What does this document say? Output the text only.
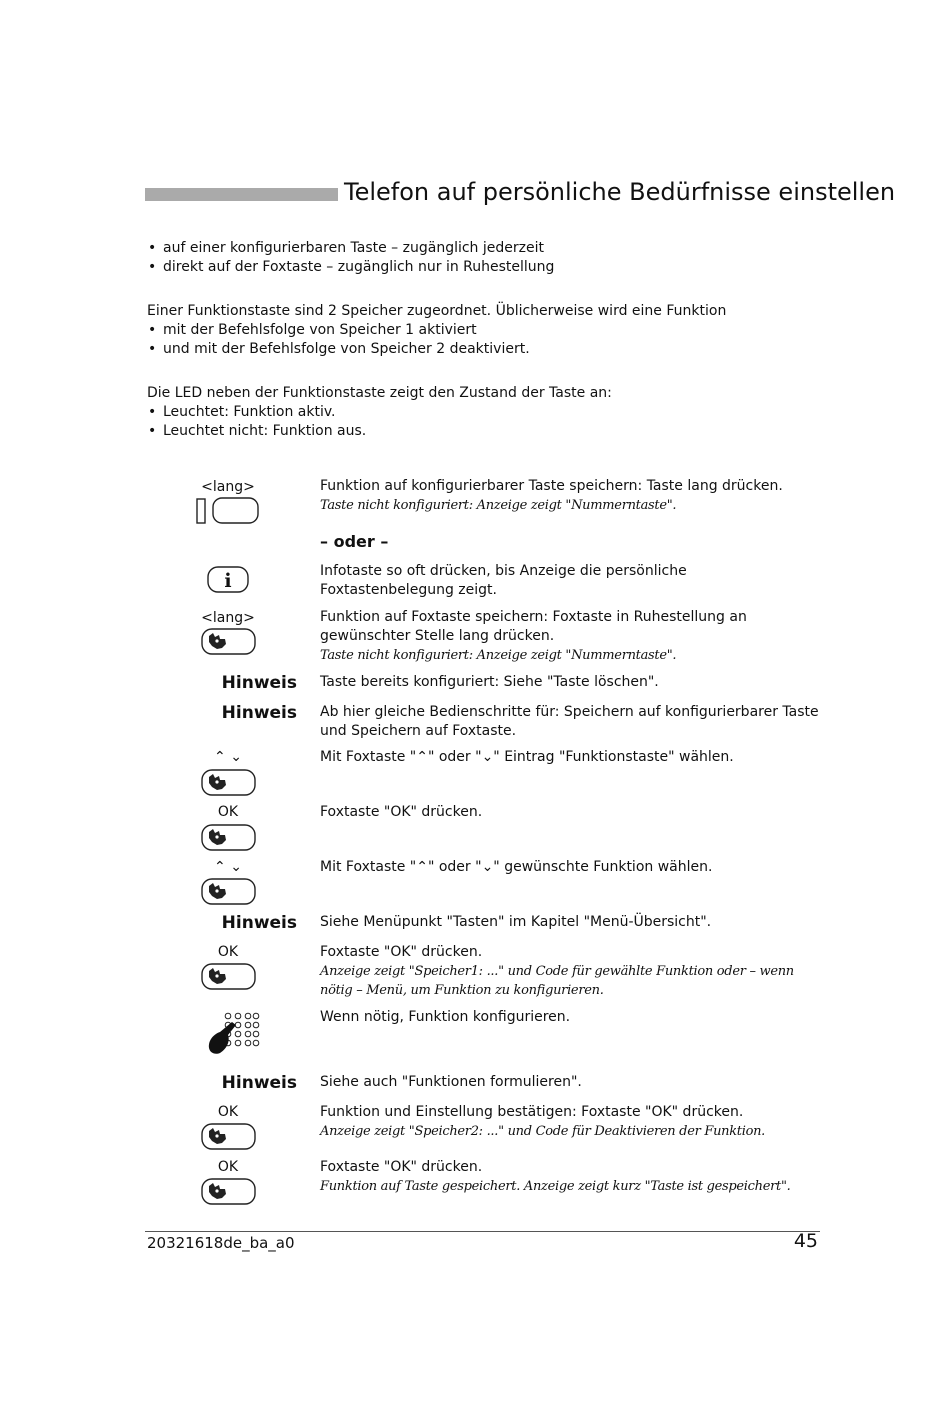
Telefon auf persönliche Bedürfnisse einstellen
• auf einer konfigurierbaren Taste – zugänglich jederzeit
• direkt auf der Foxtaste – zugänglich nur in Ruhestellung
Einer Funktionstaste sind 2 Speicher zugeordnet. Üblicherweise wird eine Funktion
• mit der Befehlsfolge von Speicher 1 aktiviert
• und mit der Befehlsfolge von Speicher 2 deaktiviert.
Die LED neben der Funktionstaste zeigt den Zustand der Taste an:
• Leuchtet: Funktion aktiv.
• Leuchtet nicht: Funktion aus.
<lang>	Funktion auf konfigurierbarer Taste speichern: Taste lang drücken.
Taste nicht konfiguriert: Anzeige zeigt "Nummerntaste".
– oder –
i	Infotaste so oft drücken, bis Anzeige die persönliche Foxtastenbelegung zeigt.
<lang>	Funktion auf Foxtaste speichern: Foxtaste in Ruhestellung an gewünschter Stelle lang drücken.
Taste nicht konfiguriert: Anzeige zeigt "Nummerntaste".
Hinweis Taste bereits konfiguriert: Siehe "Taste löschen".
Hinweis Ab hier gleiche Bedienschritte für: Speichern auf konfigurierbarer Taste und Speichern auf Foxtaste.
⌃ ⌄	Mit Foxtaste "⌃" oder "⌄" Eintrag "Funktionstaste" wählen.
OK	Foxtaste "OK" drücken.
⌃ ⌄	Mit Foxtaste "⌃" oder "⌄" gewünschte Funktion wählen.
Hinweis Siehe Menüpunkt "Tasten" im Kapitel "Menü-Übersicht".
OK	Foxtaste "OK" drücken.
Anzeige zeigt "Speicher1: ..." und Code für gewählte Funktion oder – wenn nötig – Menü, um Funktion zu konfigurieren.
Wenn nötig, Funktion konfigurieren.
Hinweis Siehe auch "Funktionen formulieren".
OK	Funktion und Einstellung bestätigen: Foxtaste "OK" drücken.
Anzeige zeigt "Speicher2: ..." und Code für Deaktivieren der Funktion.
OK	Foxtaste "OK" drücken.
Funktion auf Taste gespeichert. Anzeige zeigt kurz "Taste ist gespeichert".
20321618de_ba_a0	45
